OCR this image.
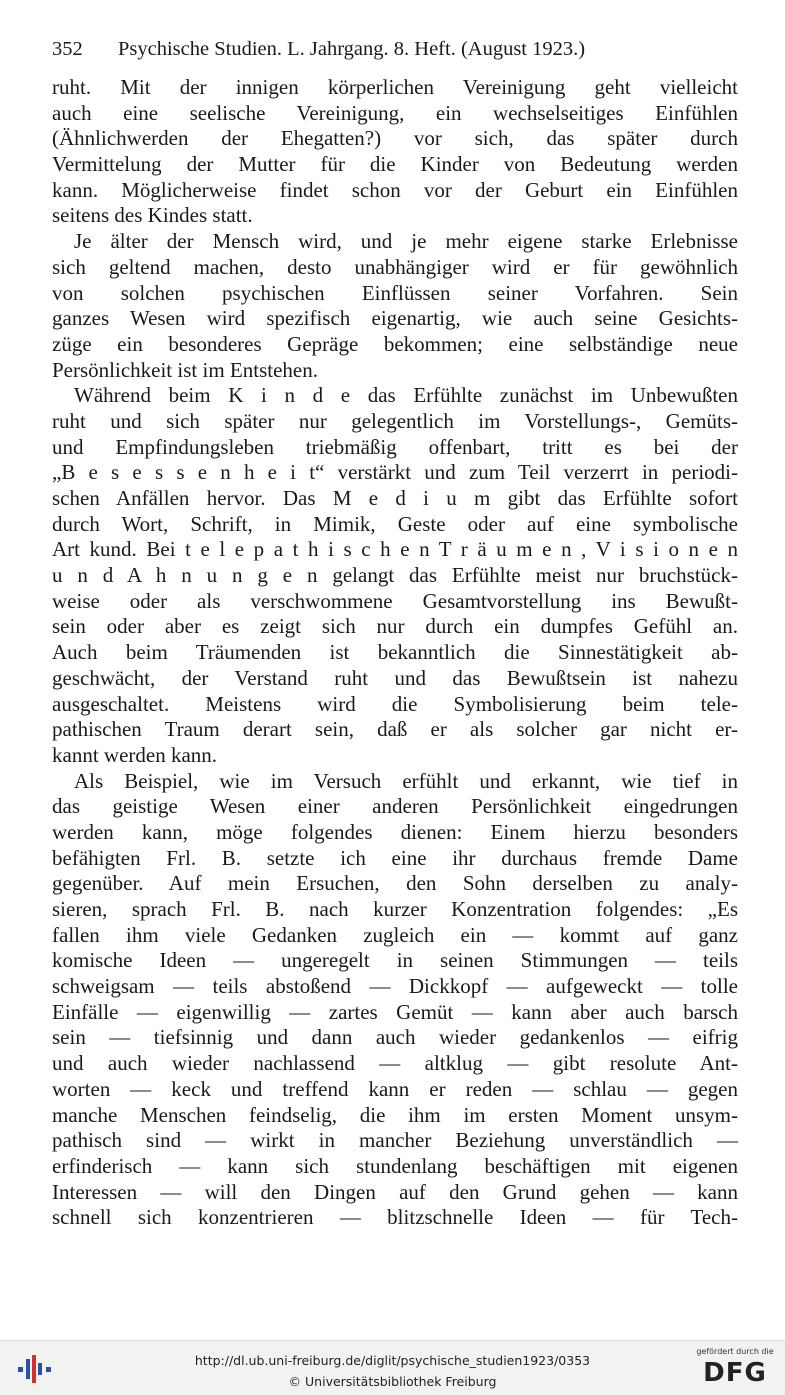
352	Psychische Studien. L. Jahrgang. 8. Heft. (August 1923.)
ruht. Mit der innigen körperlichen Vereinigung geht vielleicht
auch eine seelische Vereinigung, ein wechselseitiges Einfühlen
(Ähnlichwerden der Ehegatten?) vor sich, das später durch
Vermittelung der Mutter für die Kinder von Bedeutung werden
kann. Möglicherweise findet schon vor der Geburt ein Einfühlen
seitens des Kindes statt.
Je älter der Mensch wird, und je mehr eigene starke Erlebnisse
sich geltend machen, desto unabhängiger wird er für gewöhnlich
von solchen psychischen Einflüssen seiner Vorfahren. Sein
ganzes Wesen wird spezifisch eigenartig, wie auch seine Gesichts-
züge ein besonderes Gepräge bekommen; eine selbständige neue
Persönlichkeit ist im Entstehen.
Während beim K i n d e das Erfühlte zunächst im Unbewußten
ruht und sich später nur gelegentlich im Vorstellungs-, Gemüts-
und Empfindungsleben triebmäßig offenbart, tritt es bei der
„B e s e s s e n h e i t“ verstärkt und zum Teil verzerrt in periodi-
schen Anfällen hervor. Das M e d i u m gibt das Erfühlte sofort
durch Wort, Schrift, in Mimik, Geste oder auf eine symbolische
Art kund. Bei t e l e p a t h i s c h e n T r ä u m e n , V i s i o n e n
u n d A h n u n g e n gelangt das Erfühlte meist nur bruchstück-
weise oder als verschwommene Gesamtvorstellung ins Bewußt-
sein oder aber es zeigt sich nur durch ein dumpfes Gefühl an.
Auch beim Träumenden ist bekanntlich die Sinnestätigkeit ab-
geschwächt, der Verstand ruht und das Bewußtsein ist nahezu
ausgeschaltet. Meistens wird die Symbolisierung beim tele-
pathischen Traum derart sein, daß er als solcher gar nicht er-
kannt werden kann.
Als Beispiel, wie im Versuch erfühlt und erkannt, wie tief in
das geistige Wesen einer anderen Persönlichkeit eingedrungen
werden kann, möge folgendes dienen: Einem hierzu besonders
befähigten Frl. B. setzte ich eine ihr durchaus fremde Dame
gegenüber. Auf mein Ersuchen, den Sohn derselben zu analy-
sieren, sprach Frl. B. nach kurzer Konzentration folgendes: „Es
fallen ihm viele Gedanken zugleich ein — kommt auf ganz
komische Ideen — ungeregelt in seinen Stimmungen — teils
schweigsam — teils abstoßend — Dickkopf — aufgeweckt — tolle
Einfälle — eigenwillig — zartes Gemüt — kann aber auch barsch
sein — tiefsinnig und dann auch wieder gedankenlos — eifrig
und auch wieder nachlassend — altklug — gibt resolute Ant-
worten — keck und treffend kann er reden — schlau — gegen
manche Menschen feindselig, die ihm im ersten Moment unsym-
pathisch sind — wirkt in mancher Beziehung unverständlich —
erfinderisch — kann sich stundenlang beschäftigen mit eigenen
Interessen — will den Dingen auf den Grund gehen — kann
schnell sich konzentrieren — blitzschnelle Ideen — für Tech-
http://dl.ub.uni-freiburg.de/diglit/psychische_studien1923/0353
© Universitätsbibliothek Freiburg
gefördert durch die
DFG
